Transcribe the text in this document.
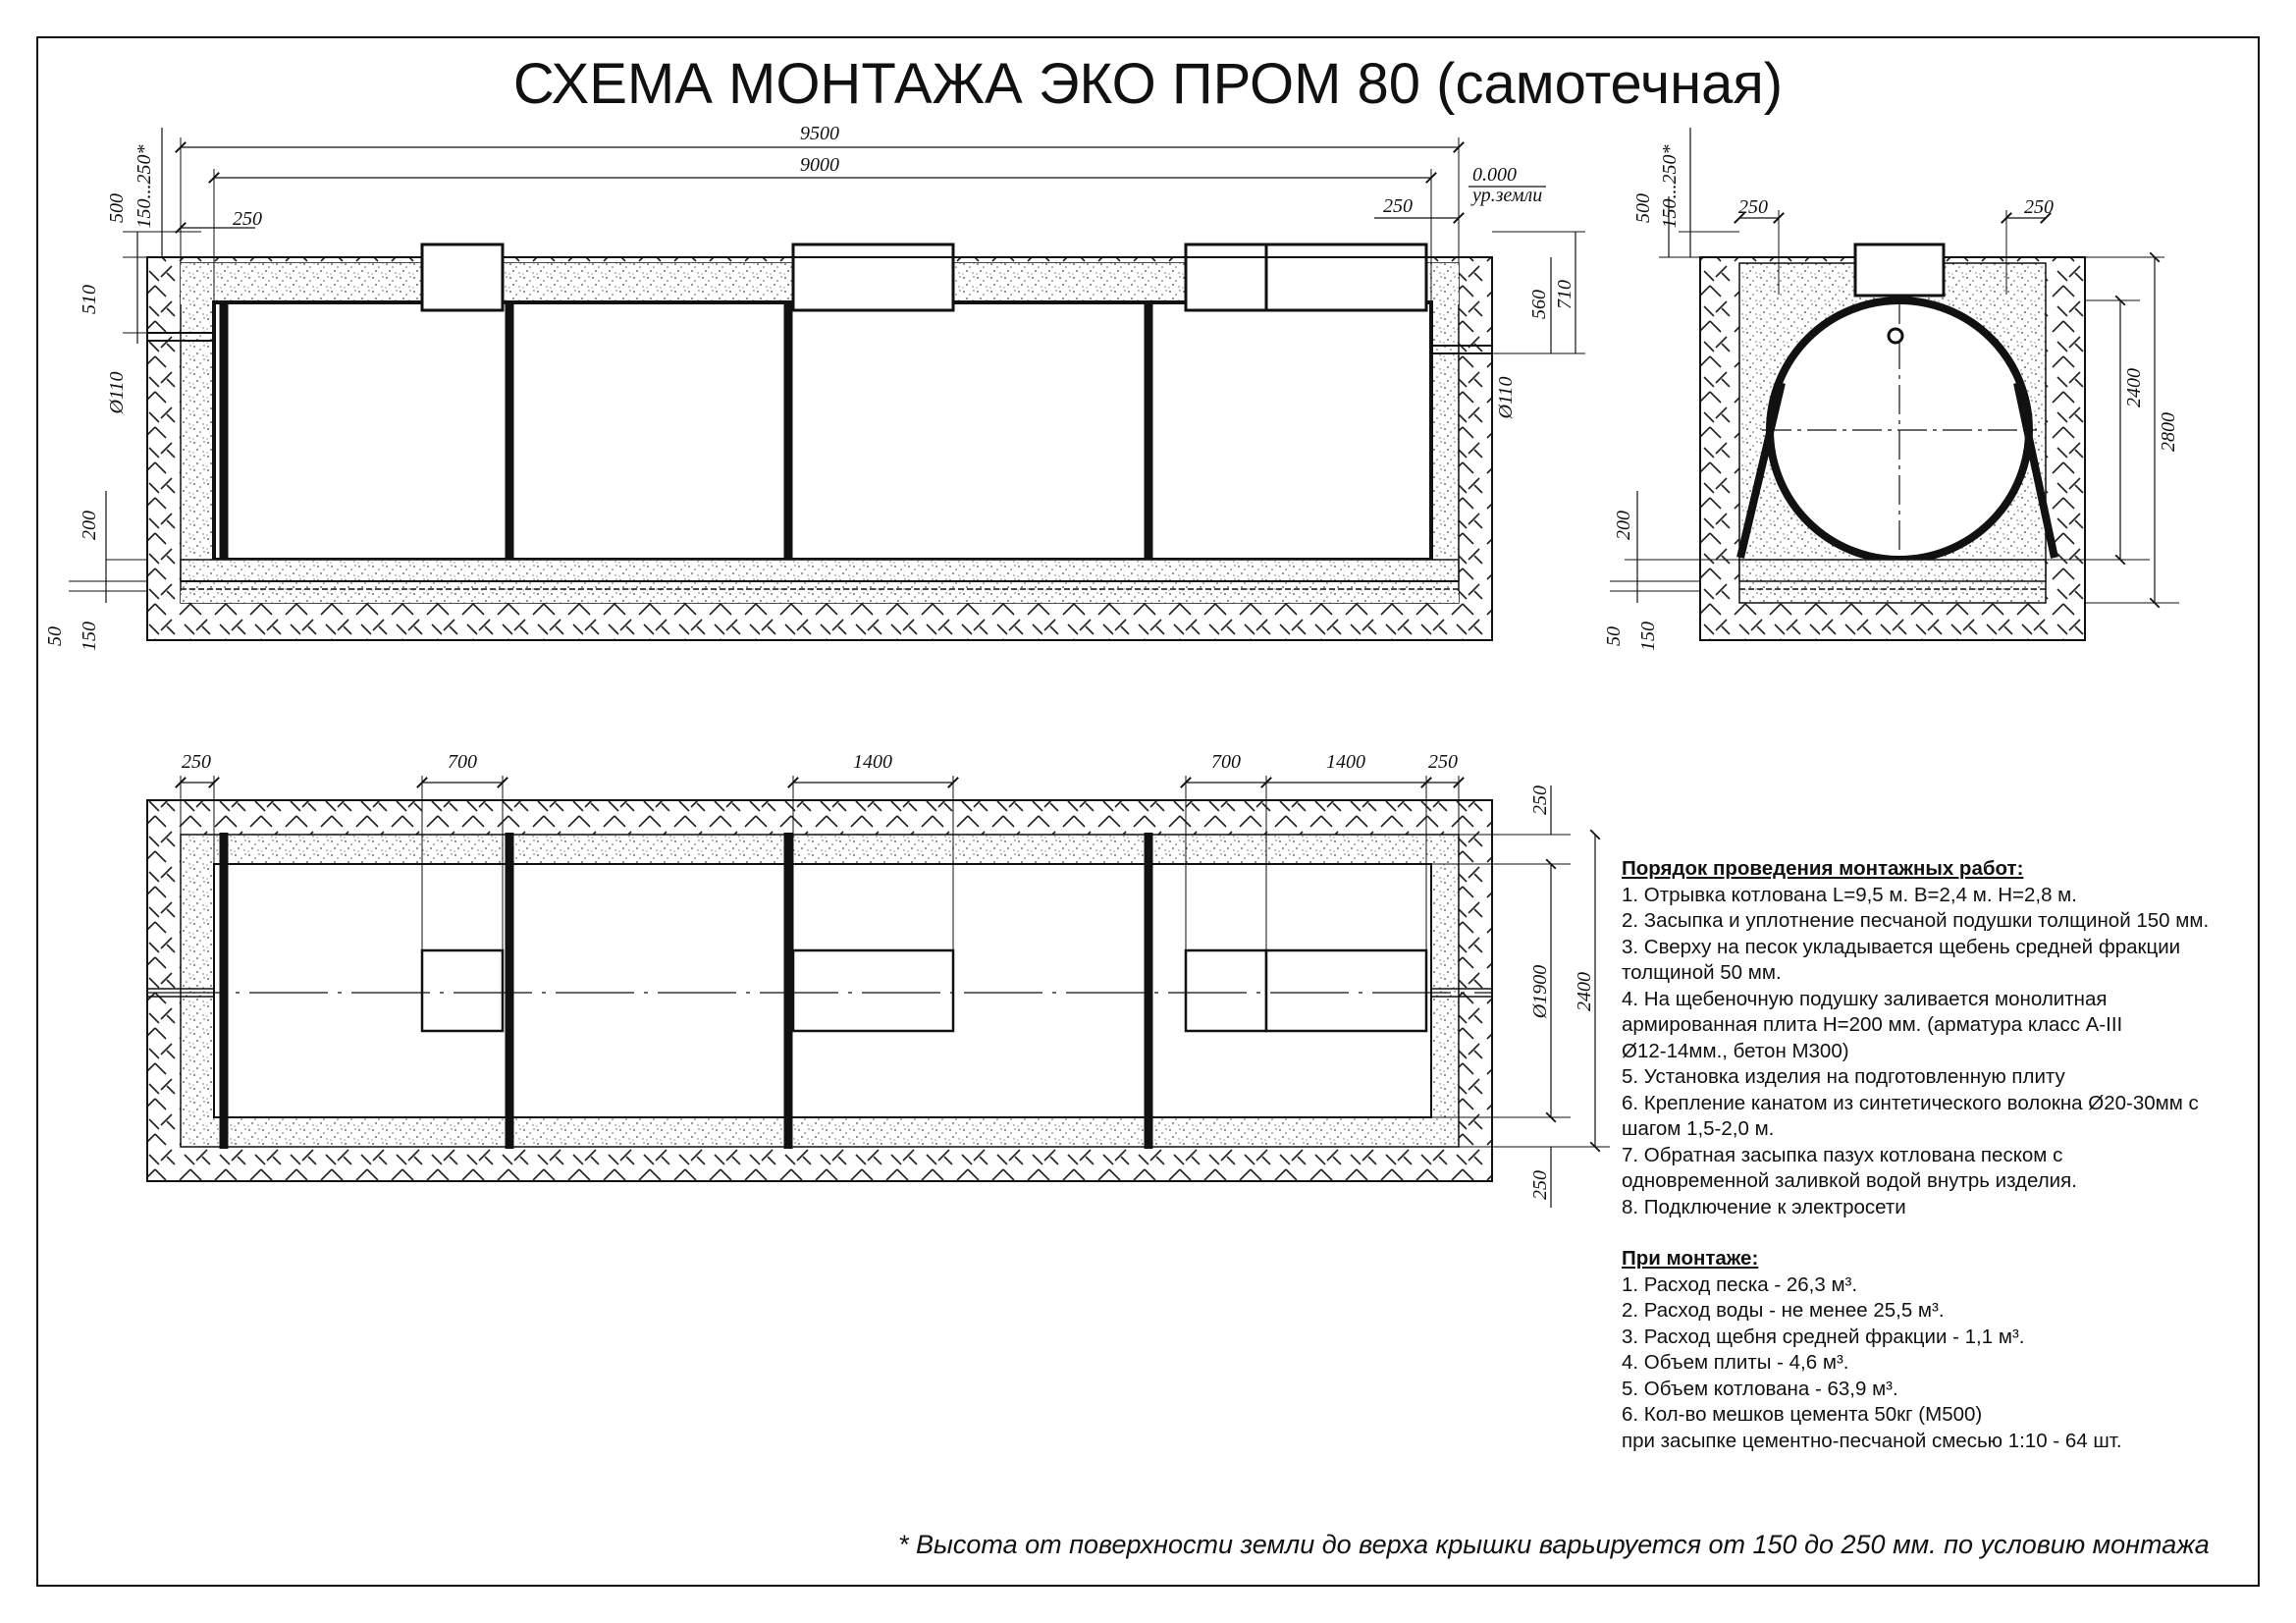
9500
9000
250
250
0.000
ур.земли
500 150...250*
510
Ø110
200
50 150
560 710
Ø110
250	250
500 150...250*
2400
2800
200
50 150
250	700	1400	700	1400	250
250
Ø1900 2400
250
СХЕМА МОНТАЖА ЭКО ПРОМ 80 (самотечная)
Порядок проведения монтажных работ:
1. Отрывка котлована L=9,5 м. В=2,4 м. Н=2,8 м.
2. Засыпка и уплотнение песчаной подушки толщиной 150 мм.
3. Сверху на песок укладывается щебень средней фракции
толщиной 50 мм.
4. На щебеночную подушку заливается монолитная
армированная плита Н=200 мм. (арматура класс А-III
Ø12-14мм., бетон М300)
5. Установка изделия на подготовленную плиту
6. Крепление канатом из синтетического волокна Ø20-30мм с
шагом 1,5-2,0 м.
7. Обратная засыпка пазух котлована песком с
одновременной заливкой водой внутрь изделия.
8. Подключение к электросети
При монтаже:
1. Расход песка - 26,3 м³.
2. Расход воды - не менее 25,5 м³.
3. Расход щебня средней фракции - 1,1 м³.
4. Объем плиты - 4,6 м³.
5. Объем котлована - 63,9 м³.
6. Кол-во мешков цемента 50кг (М500)
при засыпке цементно-песчаной смесью 1:10 - 64 шт.
* Высота от поверхности земли до верха крышки варьируется от 150 до 250 мм. по условию монтажа
